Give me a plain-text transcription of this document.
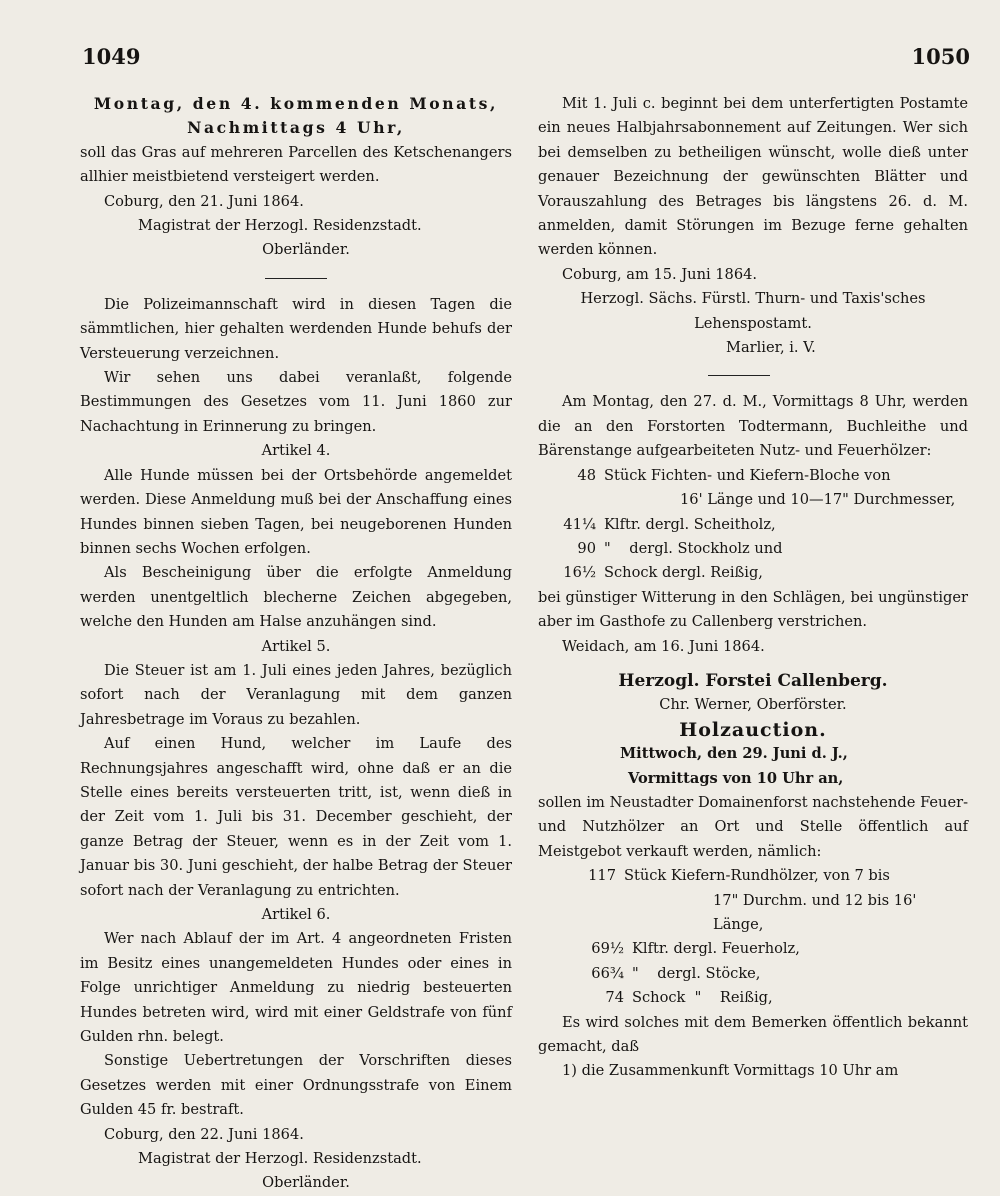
1049	1050

Montag, den 4. kommenden Monats,

Nachmittags 4 Uhr,

soll das Gras auf mehreren Parcellen des Ketschenangers allhier meistbietend versteigert werden.

Coburg, den 21. Juni 1864.

Magistrat der Herzogl. Residenzstadt.

Oberländer.

Die Polizeimannschaft wird in diesen Tagen die sämmtlichen, hier gehalten werdenden Hunde behufs der Versteuerung verzeichnen.

Wir sehen uns dabei veranlaßt, folgende Bestimmungen des Gesetzes vom 11. Juni 1860 zur Nachachtung in Erinnerung zu bringen.

Artikel 4.

Alle Hunde müssen bei der Ortsbehörde angemeldet werden. Diese Anmeldung muß bei der Anschaffung eines Hundes binnen sieben Tagen, bei neugeborenen Hunden binnen sechs Wochen erfolgen.

Als Bescheinigung über die erfolgte Anmeldung werden unentgeltlich blecherne Zeichen abgegeben, welche den Hunden am Halse anzuhängen sind.

Artikel 5.

Die Steuer ist am 1. Juli eines jeden Jahres, bezüglich sofort nach der Veranlagung mit dem ganzen Jahresbetrage im Voraus zu bezahlen.

Auf einen Hund, welcher im Laufe des Rechnungsjahres angeschafft wird, ohne daß er an die Stelle eines bereits versteuerten tritt, ist, wenn dieß in der Zeit vom 1. Juli bis 31. December geschieht, der ganze Betrag der Steuer, wenn es in der Zeit vom 1. Januar bis 30. Juni geschieht, der halbe Betrag der Steuer sofort nach der Veranlagung zu entrichten.

Artikel 6.

Wer nach Ablauf der im Art. 4 angeordneten Fristen im Besitz eines unangemeldeten Hundes oder eines in Folge unrichtiger Anmeldung zu niedrig besteuerten Hundes betreten wird, wird mit einer Geldstrafe von fünf Gulden rhn. belegt.

Sonstige Uebertretungen der Vorschriften dieses Gesetzes werden mit einer Ordnungsstrafe von Einem Gulden 45 fr. bestraft.

Coburg, den 22. Juni 1864.

Magistrat der Herzogl. Residenzstadt.

Oberländer.

Mit 1. Juli c. beginnt bei dem unterfertigten Postamte ein neues Halbjahrsabonnement auf Zeitungen. Wer sich bei demselben zu betheiligen wünscht, wolle dieß unter genauer Bezeichnung der gewünschten Blätter und Vorauszahlung des Betrages bis längstens 26. d. M. anmelden, damit Störungen im Bezuge ferne gehalten werden können.

Coburg, am 15. Juni 1864.

Herzogl. Sächs. Fürstl. Thurn- und Taxis'sches Lehenspostamt.

Marlier, i. V.

Am Montag, den 27. d. M., Vormittags 8 Uhr, werden die an den Forstorten Todtermann, Buchleithe und Bärenstange aufgearbeiteten Nutz- und Feuerhölzer:

48 Stück Fichten- und Kiefern-Bloche von

16' Länge und 10—17" Durchmesser,

41¼ Klftr. dergl. Scheitholz,

90 "    dergl. Stockholz und

16½ Schock dergl. Reißig,

bei günstiger Witterung in den Schlägen, bei ungünstiger aber im Gasthofe zu Callenberg verstrichen.

Weidach, am 16. Juni 1864.

Herzogl. Forstei Callenberg.

Chr. Werner, Oberförster.

Holzauction.

Mittwoch, den 29. Juni d. J.,

Vormittags von 10 Uhr an,

sollen im Neustadter Domainenforst nachstehende Feuer- und Nutzhölzer an Ort und Stelle öffentlich auf Meistgebot verkauft werden, nämlich:

117 Stück Kiefern-Rundhölzer, von 7 bis

17" Durchm. und 12 bis 16'

Länge,

69½ Klftr. dergl. Feuerholz,

66¾ "    dergl. Stöcke,

74 Schock  "    Reißig,

Es wird solches mit dem Bemerken öffentlich bekannt gemacht, daß

1) die Zusammenkunft Vormittags 10 Uhr am
